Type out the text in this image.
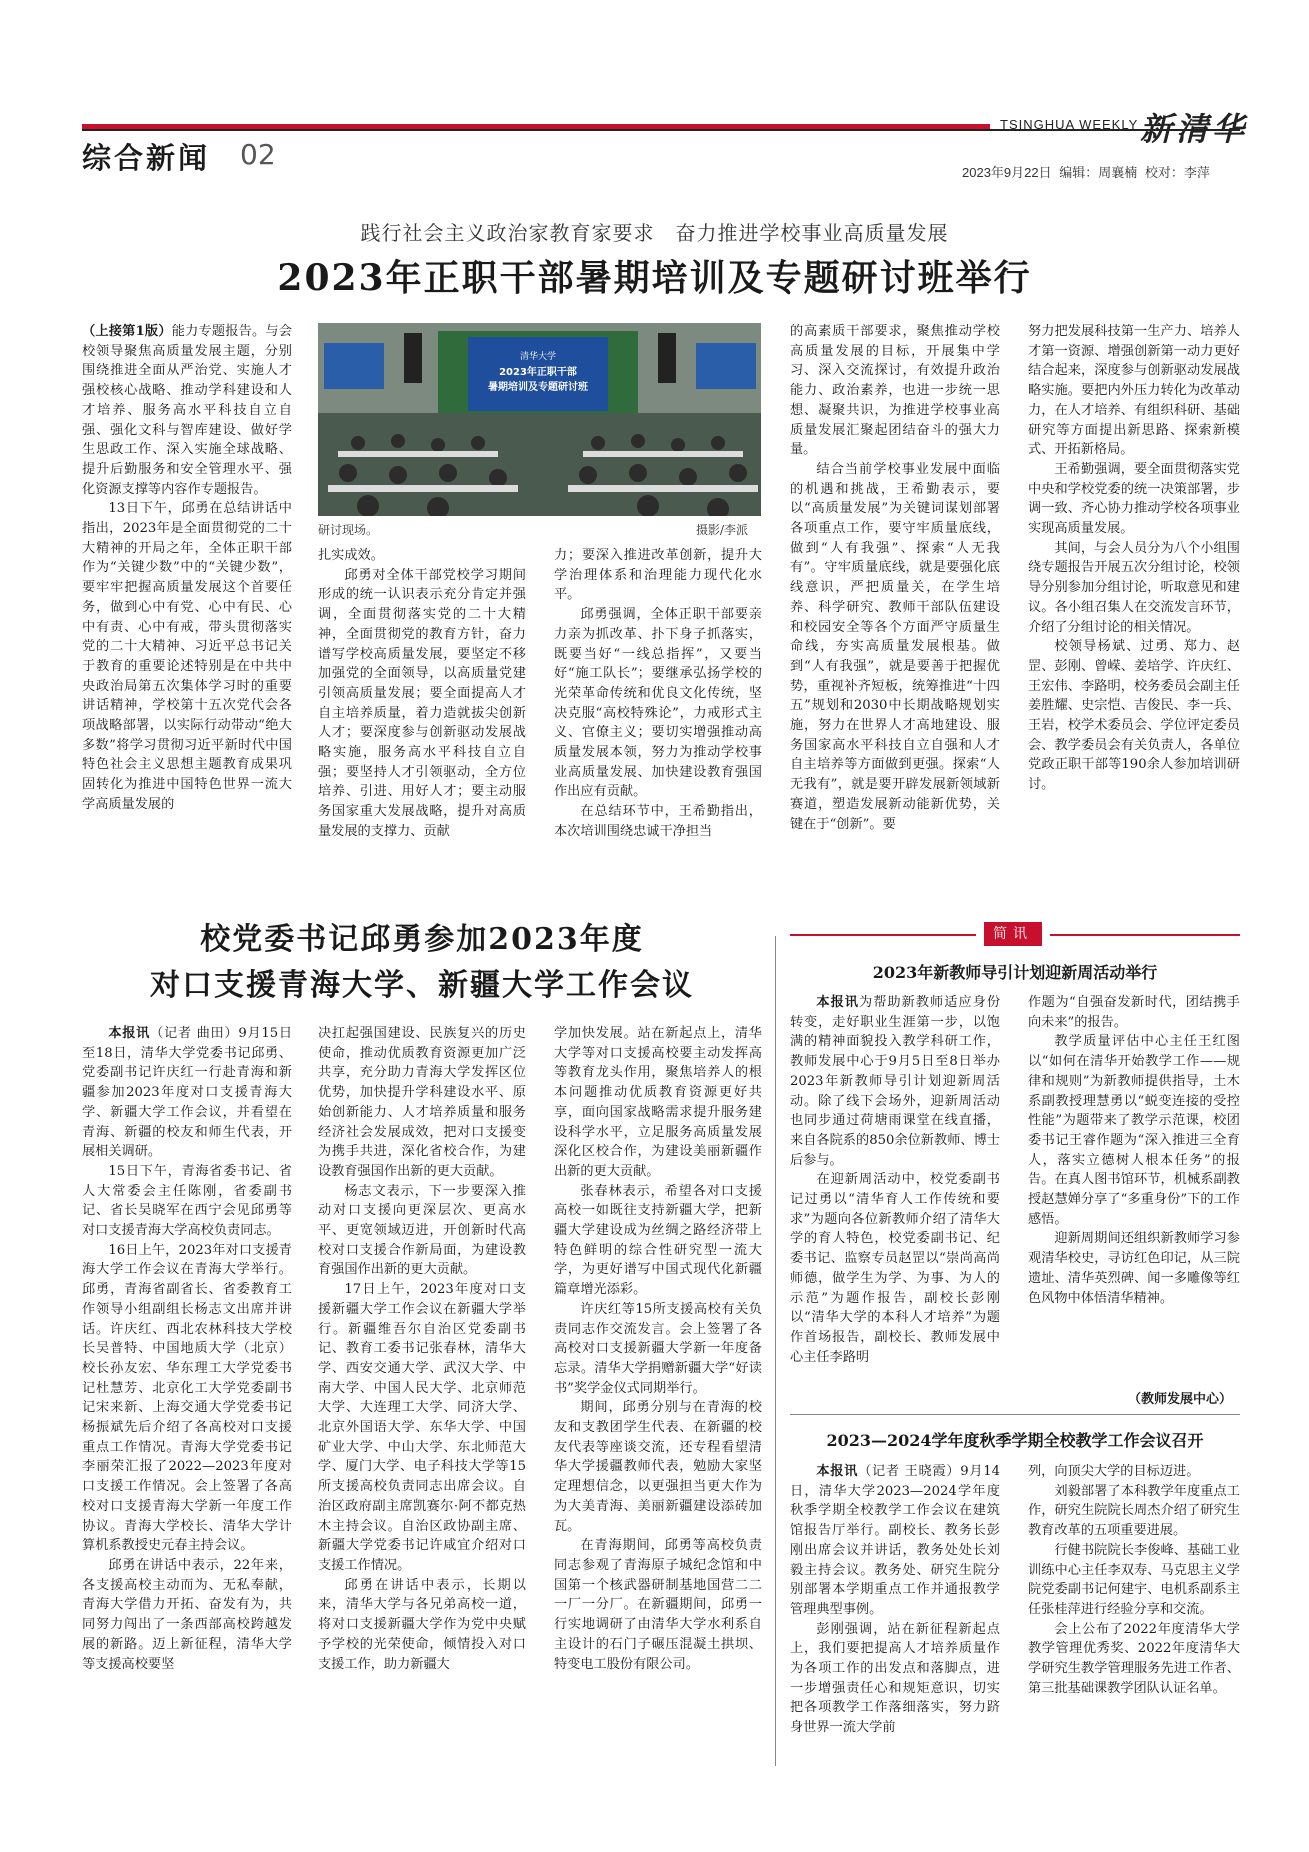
综合新闻 02
TSINGHUA WEEKLY 新清华
2023年9月22日 编辑：周襄楠 校对：李萍
践行社会主义政治家教育家要求　奋力推进学校事业高质量发展
2023年正职干部暑期培训及专题研讨班举行

（上接第1版）能力专题报告。与会校领导聚焦高质量发展主题，分别围绕推进全面从严治党、实施人才强校核心战略、推动学科建设和人才培养、服务高水平科技自立自强、强化文科与智库建设、做好学生思政工作、深入实施全球战略、提升后勤服务和安全管理水平、强化资源支撑等内容作专题报告。

13日下午，邱勇在总结讲话中指出，2023年是全面贯彻党的二十大精神的开局之年，全体正职干部作为“关键少数”中的“关键少数”，要牢牢把握高质量发展这个首要任务，做到心中有党、心中有民、心中有责、心中有戒，带头贯彻落实党的二十大精神、习近平总书记关于教育的重要论述特别是在中共中央政治局第五次集体学习时的重要讲话精神，学校第十五次党代会各项战略部署，以实际行动带动“绝大多数”将学习贯彻习近平新时代中国特色社会主义思想主题教育成果巩固转化为推进中国特色世界一流大学高质量发展的

清华大学
2023年正职干部
暑期培训及专题研讨班
研讨现场。	摄影/李派

扎实成效。

邱勇对全体干部党校学习期间形成的统一认识表示充分肯定并强调，全面贯彻落实党的二十大精神，全面贯彻党的教育方针，奋力谱写学校高质量发展，要坚定不移加强党的全面领导，以高质量党建引领高质量发展；要全面提高人才自主培养质量，着力造就拔尖创新人才；要深度参与创新驱动发展战略实施，服务高水平科技自立自强；要坚持人才引领驱动，全方位培养、引进、用好人才；要主动服务国家重大发展战略，提升对高质量发展的支撑力、贡献

力；要深入推进改革创新，提升大学治理体系和治理能力现代化水平。

邱勇强调，全体正职干部要亲力亲为抓改革、扑下身子抓落实，既要当好“一线总指挥”，又要当好“施工队长”；要继承弘扬学校的光荣革命传统和优良文化传统，坚决克服“高校特殊论”，力戒形式主义、官僚主义；要切实增强推动高质量发展本领，努力为推动学校事业高质量发展、加快建设教育强国作出应有贡献。

在总结环节中，王希勤指出，本次培训围绕忠诚干净担当

的高素质干部要求，聚焦推动学校高质量发展的目标，开展集中学习、深入交流探讨，有效提升政治能力、政治素养，也进一步统一思想、凝聚共识，为推进学校事业高质量发展汇聚起团结奋斗的强大力量。

结合当前学校事业发展中面临的机遇和挑战，王希勤表示，要以“高质量发展”为关键词谋划部署各项重点工作，要守牢质量底线，做到“人有我强”、探索“人无我有”。守牢质量底线，就是要强化底线意识，严把质量关，在学生培养、科学研究、教师干部队伍建设和校园安全等各个方面严守质量生命线，夯实高质量发展根基。做到“人有我强”，就是要善于把握优势，重视补齐短板，统筹推进“十四五”规划和2030中长期战略规划实施，努力在世界人才高地建设、服务国家高水平科技自立自强和人才自主培养等方面做到更强。探索“人无我有”，就是要开辟发展新领域新赛道，塑造发展新动能新优势，关键在于“创新”。要

努力把发展科技第一生产力、培养人才第一资源、增强创新第一动力更好结合起来，深度参与创新驱动发展战略实施。要把内外压力转化为改革动力，在人才培养、有组织科研、基础研究等方面提出新思路、探索新模式、开拓新格局。

王希勤强调，要全面贯彻落实党中央和学校党委的统一决策部署，步调一致、齐心协力推动学校各项事业实现高质量发展。

其间，与会人员分为八个小组围绕专题报告开展五次分组讨论，校领导分别参加分组讨论，听取意见和建议。各小组召集人在交流发言环节，介绍了分组讨论的相关情况。

校领导杨斌、过勇、郑力、赵罡、彭刚、曾嵘、姜培学、许庆红、王宏伟、李路明，校务委员会副主任姜胜耀、史宗恺、吉俊民、李一兵、王岩，校学术委员会、学位评定委员会、教学委员会有关负责人，各单位党政正职干部等190余人参加培训研讨。

校党委书记邱勇参加2023年度
对口支援青海大学、新疆大学工作会议

本报讯（记者 曲田）9月15日至18日，清华大学党委书记邱勇、党委副书记许庆红一行赴青海和新疆参加2023年度对口支援青海大学、新疆大学工作会议，并看望在青海、新疆的校友和师生代表，开展相关调研。

15日下午，青海省委书记、省人大常委会主任陈刚，省委副书记、省长吴晓军在西宁会见邱勇等对口支援青海大学高校负责同志。

16日上午，2023年对口支援青海大学工作会议在青海大学举行。邱勇，青海省副省长、省委教育工作领导小组副组长杨志文出席并讲话。许庆红、西北农林科技大学校长吴普特、中国地质大学（北京）校长孙友宏、华东理工大学党委书记杜慧芳、北京化工大学党委副书记宋来新、上海交通大学党委书记杨振斌先后介绍了各高校对口支援重点工作情况。青海大学党委书记李丽荣汇报了2022—2023年度对口支援工作情况。会上签署了各高校对口支援青海大学新一年度工作协议。青海大学校长、清华大学计算机系教授史元春主持会议。

邱勇在讲话中表示，22年来，各支援高校主动而为、无私奉献，青海大学借力开拓、奋发有为，共同努力闯出了一条西部高校跨越发展的新路。迈上新征程，清华大学等支援高校要坚

决扛起强国建设、民族复兴的历史使命，推动优质教育资源更加广泛共享，充分助力青海大学发挥区位优势，加快提升学科建设水平、原始创新能力、人才培养质量和服务经济社会发展成效，把对口支援变为携手共进，深化省校合作，为建设教育强国作出新的更大贡献。

杨志文表示，下一步要深入推动对口支援向更深层次、更高水平、更宽领域迈进，开创新时代高校对口支援合作新局面，为建设教育强国作出新的更大贡献。

17日上午，2023年度对口支援新疆大学工作会议在新疆大学举行。新疆维吾尔自治区党委副书记、教育工委书记张春林，清华大学、西安交通大学、武汉大学、中南大学、中国人民大学、北京师范大学、大连理工大学、同济大学、北京外国语大学、东华大学、中国矿业大学、中山大学、东北师范大学、厦门大学、电子科技大学等15所支援高校负责同志出席会议。自治区政府副主席凯赛尔·阿不都克热木主持会议。自治区政协副主席、新疆大学党委书记许咸宜介绍对口支援工作情况。

邱勇在讲话中表示，长期以来，清华大学与各兄弟高校一道，将对口支援新疆大学作为党中央赋予学校的光荣使命，倾情投入对口支援工作，助力新疆大

学加快发展。站在新起点上，清华大学等对口支援高校要主动发挥高等教育龙头作用，聚焦培养人的根本问题推动优质教育资源更好共享，面向国家战略需求提升服务建设科学水平，立足服务高质量发展深化区校合作，为建设美丽新疆作出新的更大贡献。

张春林表示，希望各对口支援高校一如既往支持新疆大学，把新疆大学建设成为丝绸之路经济带上特色鲜明的综合性研究型一流大学，为更好谱写中国式现代化新疆篇章增光添彩。

许庆红等15所支援高校有关负责同志作交流发言。会上签署了各高校对口支援新疆大学新一年度备忘录。清华大学捐赠新疆大学“好读书”奖学金仪式同期举行。

期间，邱勇分别与在青海的校友和支教团学生代表、在新疆的校友代表等座谈交流，还专程看望清华大学援疆教师代表，勉励大家坚定理想信念，以更强担当更大作为为大美青海、美丽新疆建设添砖加瓦。

在青海期间，邱勇等高校负责同志参观了青海原子城纪念馆和中国第一个核武器研制基地国营二二一厂一分厂。在新疆期间，邱勇一行实地调研了由清华大学水利系自主设计的石门子碾压混凝土拱坝、特变电工股份有限公司。

简讯
2023年新教师导引计划迎新周活动举行

本报讯为帮助新教师适应身份转变，走好职业生涯第一步，以饱满的精神面貌投入教学科研工作，教师发展中心于9月5日至8日举办2023年新教师导引计划迎新周活动。除了线下会场外，迎新周活动也同步通过荷塘雨课堂在线直播，来自各院系的850余位新教师、博士后参与。

在迎新周活动中，校党委副书记过勇以“清华育人工作传统和要求”为题向各位新教师介绍了清华大学的育人特色，校党委副书记、纪委书记、监察专员赵罡以“崇尚高尚师德，做学生为学、为事、为人的示范”为题作报告，副校长彭刚以“清华大学的本科人才培养”为题作首场报告，副校长、教师发展中心主任李路明

作题为“自强奋发新时代，团结携手向未来”的报告。

教学质量评估中心主任王红图以“如何在清华开始教学工作——规律和规则”为新教师提供指导，土木系副教授理慧勇以“蜕变连接的受控性能”为题带来了教学示范课，校团委书记王睿作题为“深入推进三全育人，落实立德树人根本任务”的报告。在真人图书馆环节，机械系副教授赵慧婵分享了“多重身份”下的工作感悟。

迎新周期间还组织新教师学习参观清华校史，寻访红色印记，从三院遗址、清华英烈碑、闻一多雕像等红色风物中体悟清华精神。

（教师发展中心）
2023—2024学年度秋季学期全校教学工作会议召开

本报讯（记者 王晓霞）9月14日，清华大学2023—2024学年度秋季学期全校教学工作会议在建筑馆报告厅举行。副校长、教务长彭刚出席会议并讲话，教务处处长刘毅主持会议。教务处、研究生院分别部署本学期重点工作并通报教学管理典型事例。

彭刚强调，站在新征程新起点上，我们要把提高人才培养质量作为各项工作的出发点和落脚点，进一步增强责任心和规矩意识，切实把各项教学工作落细落实，努力跻身世界一流大学前

列，向顶尖大学的目标迈进。

刘毅部署了本科教学年度重点工作，研究生院院长周杰介绍了研究生教育改革的五项重要进展。

行健书院院长李俊峰、基础工业训练中心主任李双寿、马克思主义学院党委副书记何建宇、电机系副系主任张桂萍进行经验分享和交流。

会上公布了2022年度清华大学教学管理优秀奖、2022年度清华大学研究生教学管理服务先进工作者、第三批基础课教学团队认证名单。
